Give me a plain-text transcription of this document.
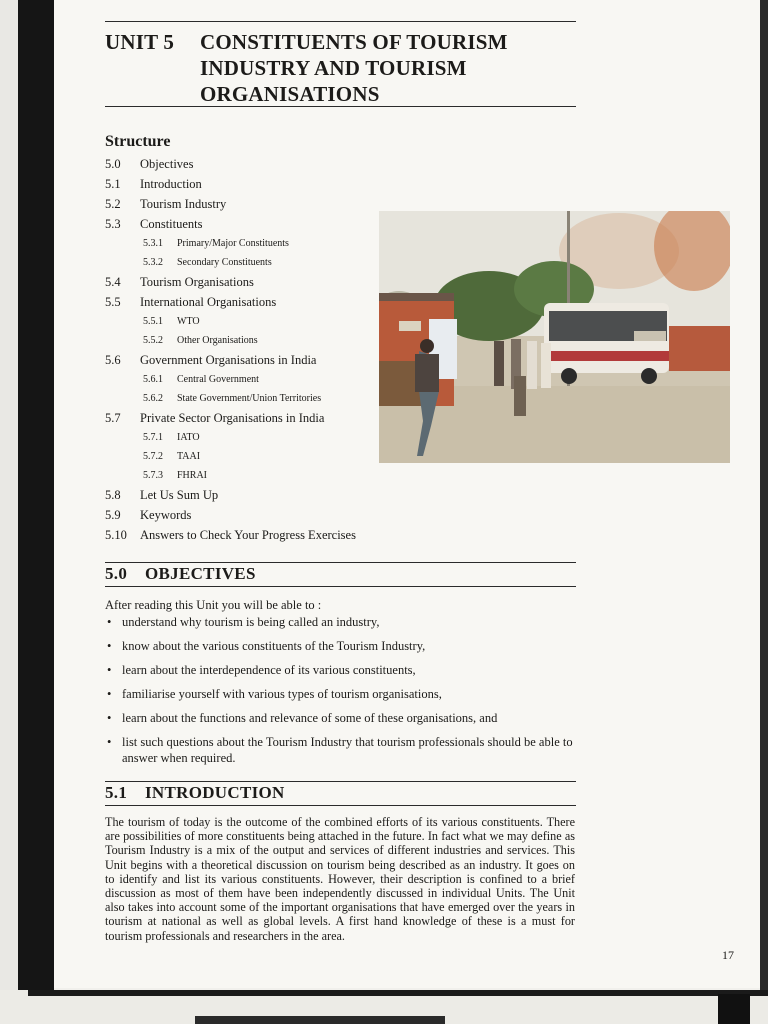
UNIT 5 CONSTITUENTS OF TOURISM
INDUSTRY AND TOURISM
ORGANISATIONS
Structure
5.0 Objectives
5.1 Introduction
5.2 Tourism Industry
5.3 Constituents
5.3.1 Primary/Major Constituents
5.3.2 Secondary Constituents
5.4 Tourism Organisations
5.5 International Organisations
5.5.1 WTO
5.5.2 Other Organisations
5.6 Government Organisations in India
5.6.1 Central Government
5.6.2 State Government/Union Territories
5.7 Private Sector Organisations in India
5.7.1 IATO
5.7.2 TAAI
5.7.3 FHRAI
5.8 Let Us Sum Up
5.9 Keywords
5.10 Answers to Check Your Progress Exercises
5.0 OBJECTIVES
After reading this Unit you will be able to :
• understand why tourism is being called an industry,
• know about the various constituents of the Tourism Industry,
• learn about the interdependence of its various constituents,
• familiarise yourself with various types of tourism organisations,
• learn about the functions and relevance of some of these organisations, and
• list such questions about the Tourism Industry that tourism professionals should be able to answer when required.
5.1 INTRODUCTION
The tourism of today is the outcome of the combined efforts of its various constituents. There are possibilities of more constituents being attached in the future. In fact what we may define as Tourism Industry is a mix of the output and services of different industries and services. This Unit begins with a theoretical discussion on tourism being described as an industry. It goes on to identify and list its various constituents. However, their description is confined to a brief discussion as most of them have been independently discussed in individual Units. The Unit also takes into account some of the important organisations that have emerged over the years in tourism at national as well as global levels. A first hand knowledge of these is a must for tourism professionals and researchers in the area.
17
